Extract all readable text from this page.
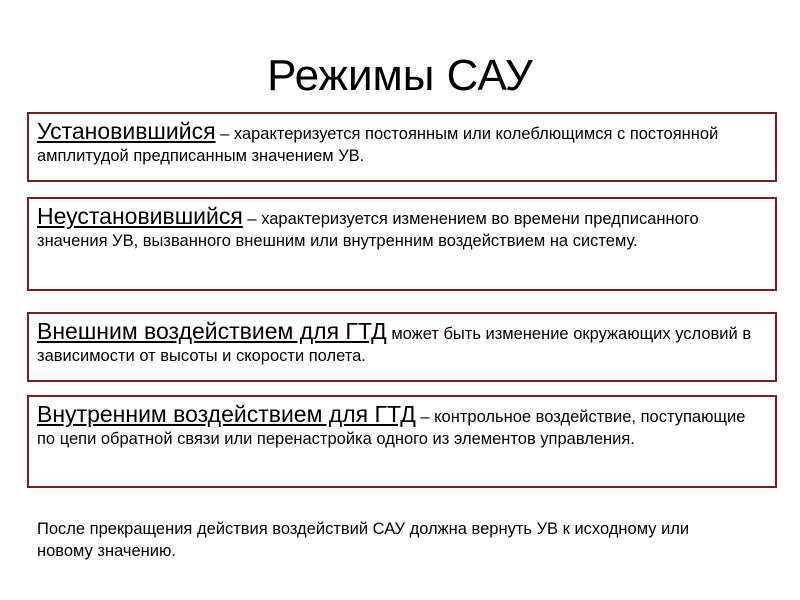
Режимы САУ

Установившийся – характеризуется постоянным или колеблющимся с постоянной амплитудой предписанным значением УВ.

Неустановившийся – характеризуется изменением во времени предписанного значения УВ, вызванного внешним или внутренним воздействием на систему.

Внешним воздействием для ГТД может быть изменение окружающих условий в зависимости от высоты и скорости полета.

Внутренним воздействием для ГТД – контрольное воздействие, поступающие по цепи обратной связи или перенастройка одного из элементов управления.

После прекращения действия воздействий САУ должна вернуть УВ к исходному или новому значению.
